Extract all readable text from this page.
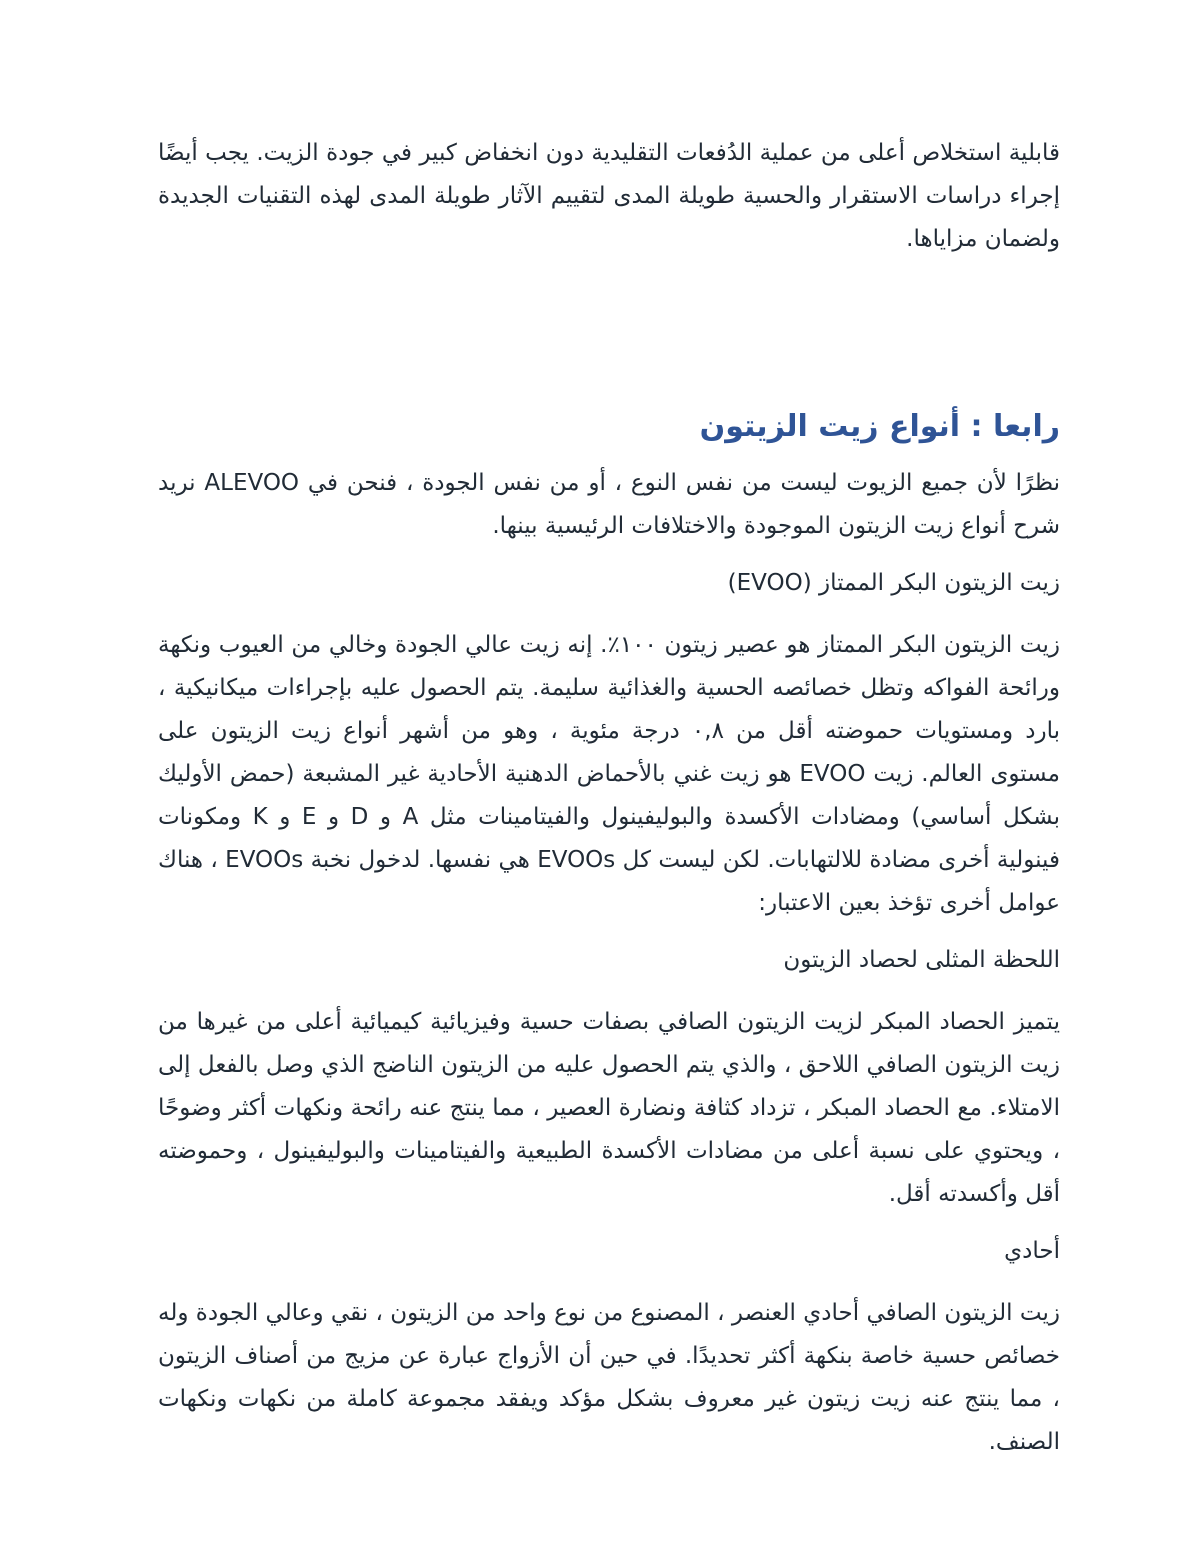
قابلية استخلاص أعلى من عملية الدُفعات التقليدية دون انخفاض كبير في جودة الزيت. يجب أيضًا إجراء دراسات الاستقرار والحسية طويلة المدى لتقييم الآثار طويلة المدى لهذه التقنيات الجديدة ولضمان مزاياها.

رابعا : أنواع زيت الزيتون

نظرًا لأن جميع الزيوت ليست من نفس النوع ، أو من نفس الجودة ، فنحن في ALEVOO نريد شرح أنواع زيت الزيتون الموجودة والاختلافات الرئيسية بينها.

زيت الزيتون البكر الممتاز (EVOO)

زيت الزيتون البكر الممتاز هو عصير زيتون ١٠٠٪. إنه زيت عالي الجودة وخالي من العيوب ونكهة ورائحة الفواكه وتظل خصائصه الحسية والغذائية سليمة. يتم الحصول عليه بإجراءات ميكانيكية ، بارد ومستويات حموضته أقل من ٠,٨ درجة مئوية ، وهو من أشهر أنواع زيت الزيتون على مستوى العالم. زيت EVOO هو زيت غني بالأحماض الدهنية الأحادية غير المشبعة (حمض الأوليك بشكل أساسي) ومضادات الأكسدة والبوليفينول والفيتامينات مثل A و D و E و K ومكونات فينولية أخرى مضادة للالتهابات. لكن ليست كل EVOOs هي نفسها. لدخول نخبة EVOOs ، هناك عوامل أخرى تؤخذ بعين الاعتبار:

اللحظة المثلى لحصاد الزيتون

يتميز الحصاد المبكر لزيت الزيتون الصافي بصفات حسية وفيزيائية كيميائية أعلى من غيرها من زيت الزيتون الصافي اللاحق ، والذي يتم الحصول عليه من الزيتون الناضج الذي وصل بالفعل إلى الامتلاء. مع الحصاد المبكر ، تزداد كثافة ونضارة العصير ، مما ينتج عنه رائحة ونكهات أكثر وضوحًا ، ويحتوي على نسبة أعلى من مضادات الأكسدة الطبيعية والفيتامينات والبوليفينول ، وحموضته أقل وأكسدته أقل.

أحادي

زيت الزيتون الصافي أحادي العنصر ، المصنوع من نوع واحد من الزيتون ، نقي وعالي الجودة وله خصائص حسية خاصة بنكهة أكثر تحديدًا. في حين أن الأزواج عبارة عن مزيج من أصناف الزيتون ، مما ينتج عنه زيت زيتون غير معروف بشكل مؤكد ويفقد مجموعة كاملة من نكهات ونكهات الصنف.
